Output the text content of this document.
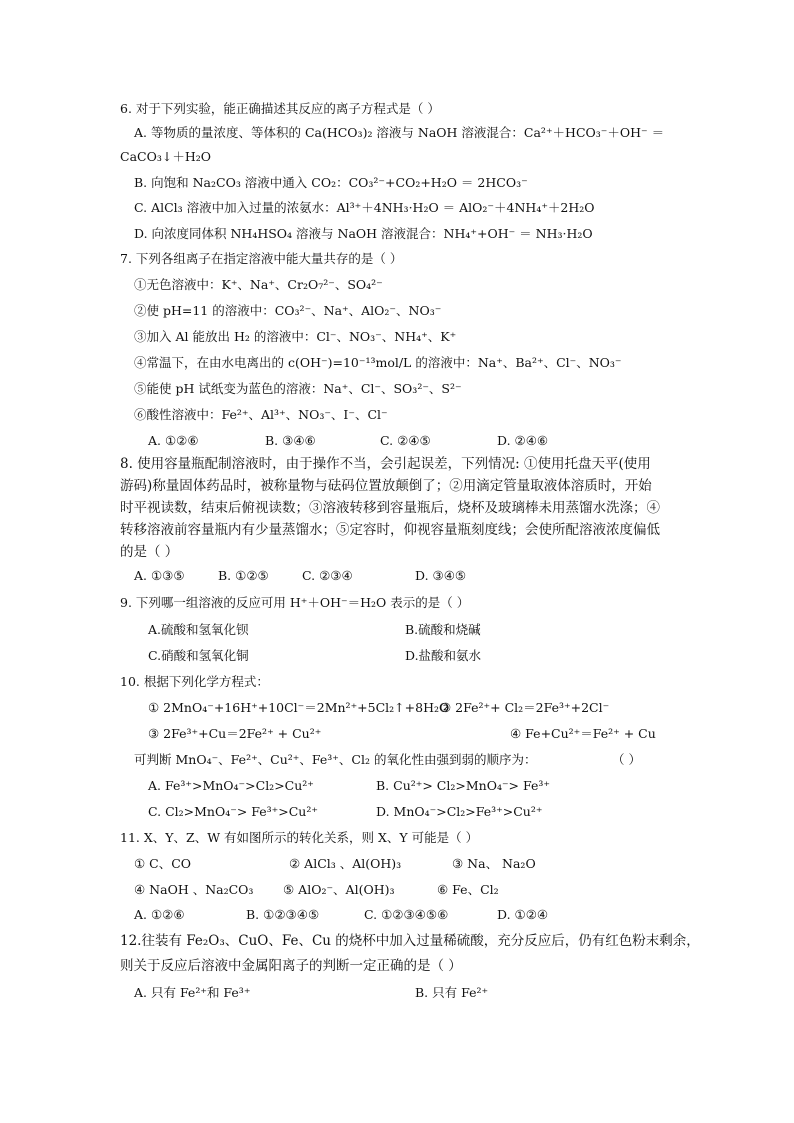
6. 对于下列实验，能正确描述其反应的离子方程式是（ ）
A. 等物质的量浓度、等体积的 Ca(HCO₃)₂ 溶液与 NaOH 溶液混合：Ca²⁺＋HCO₃⁻＋OH⁻ ＝
CaCO₃↓＋H₂O
B. 向饱和 Na₂CO₃ 溶液中通入 CO₂：CO₃²⁻+CO₂+H₂O ＝ 2HCO₃⁻
C. AlCl₃ 溶液中加入过量的浓氨水：Al³⁺＋4NH₃·H₂O ＝ AlO₂⁻＋4NH₄⁺＋2H₂O
D. 向浓度同体积 NH₄HSO₄ 溶液与 NaOH 溶液混合：NH₄⁺+OH⁻ ＝ NH₃·H₂O
7. 下列各组离子在指定溶液中能大量共存的是（ ）
①无色溶液中：K⁺、Na⁺、Cr₂O₇²⁻、SO₄²⁻
②使 pH=11 的溶液中：CO₃²⁻、Na⁺、AlO₂⁻、NO₃⁻
③加入 Al 能放出 H₂ 的溶液中：Cl⁻、NO₃⁻、NH₄⁺、K⁺
④常温下，在由水电离出的 c(OH⁻)=10⁻¹³mol/L 的溶液中：Na⁺、Ba²⁺、Cl⁻、NO₃⁻
⑤能使 pH 试纸变为蓝色的溶液：Na⁺、Cl⁻、SO₃²⁻、S²⁻
⑥酸性溶液中：Fe²⁺、Al³⁺、NO₃⁻、I⁻、Cl⁻
A. ①②⑥	B. ③④⑥	C. ②④⑤	D. ②④⑥
8. 使用容量瓶配制溶液时，由于操作不当，会引起误差，下列情况: ①使用托盘天平(使用
游码)称量固体药品时，被称量物与砝码位置放颠倒了；②用滴定管量取液体溶质时，开始
时平视读数，结束后俯视读数；③溶液转移到容量瓶后，烧杯及玻璃棒未用蒸馏水洗涤；④
转移溶液前容量瓶内有少量蒸馏水；⑤定容时，仰视容量瓶刻度线；会使所配溶液浓度偏低
的是（ ）
A. ①③⑤	B. ①②⑤	C. ②③④	D. ③④⑤
9. 下列哪一组溶液的反应可用 H⁺＋OH⁻＝H₂O 表示的是（ ）
A.硫酸和氢氧化钡	B.硫酸和烧碱
C.硝酸和氢氧化铜	D.盐酸和氨水
10. 根据下列化学方程式：
① 2MnO₄⁻+16H⁺+10Cl⁻＝2Mn²⁺+5Cl₂↑+8H₂O
② 2Fe²⁺+ Cl₂＝2Fe³⁺+2Cl⁻
③ 2Fe³⁺+Cu＝2Fe²⁺ + Cu²⁺	④ Fe+Cu²⁺＝Fe²⁺ + Cu
可判断 MnO₄⁻、Fe²⁺、Cu²⁺、Fe³⁺、Cl₂ 的氧化性由强到弱的顺序为：	（ ）
A. Fe³⁺>MnO₄⁻>Cl₂>Cu²⁺	B. Cu²⁺> Cl₂>MnO₄⁻> Fe³⁺
C. Cl₂>MnO₄⁻> Fe³⁺>Cu²⁺	D. MnO₄⁻>Cl₂>Fe³⁺>Cu²⁺
11. X、Y、Z、W 有如图所示的转化关系，则 X、Y 可能是（ ）
① C、CO	② AlCl₃ 、Al(OH)₃	③ Na、 Na₂O
④ NaOH 、Na₂CO₃ ⑤ AlO₂⁻、Al(OH)₃	⑥ Fe、Cl₂
A. ①②⑥	B. ①②③④⑤	C. ①②③④⑤⑥	D. ①②④
12.往装有 Fe₂O₃、CuO、Fe、Cu 的烧杯中加入过量稀硫酸，充分反应后，仍有红色粉末剩余，
则关于反应后溶液中金属阳离子的判断一定正确的是（ ）
A. 只有 Fe²⁺和 Fe³⁺	B. 只有 Fe²⁺
